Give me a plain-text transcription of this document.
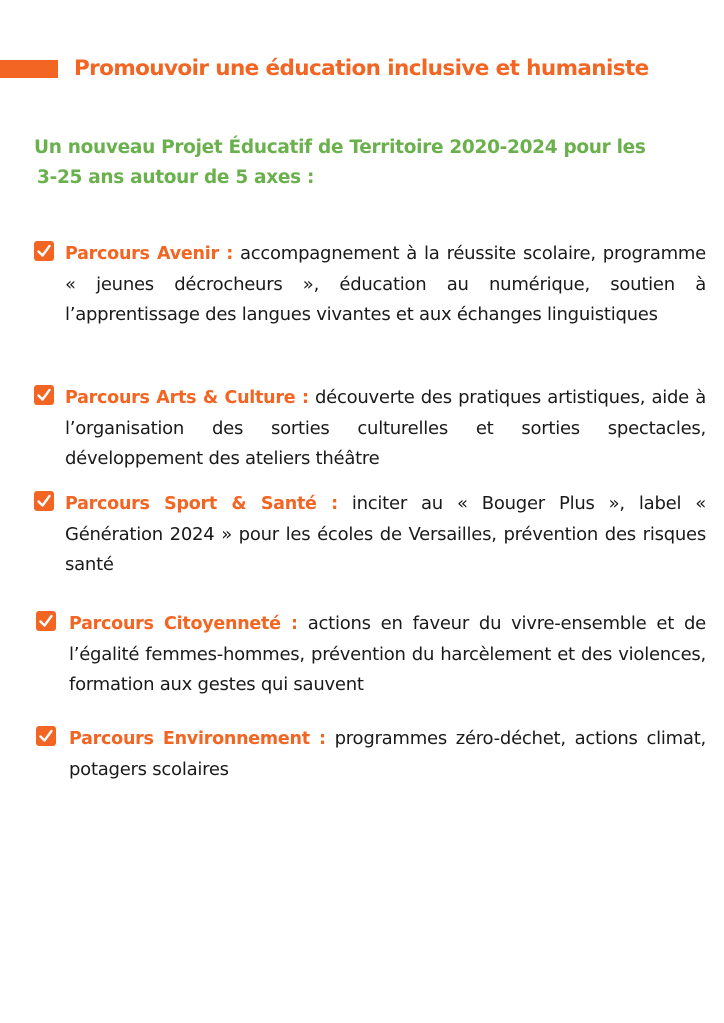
Promouvoir une éducation inclusive et humaniste

Un nouveau Projet Éducatif de Territoire 2020-2024 pour les
3-25 ans autour de 5 axes :

Parcours Avenir : accompagnement à la réussite scolaire, programme « jeunes décrocheurs », éducation au numérique, soutien à l’apprentissage des langues vivantes et aux échanges linguistiques

Parcours Arts & Culture : découverte des pratiques artistiques, aide à l’organisation des sorties culturelles et sorties spectacles, développement des ateliers théâtre

Parcours Sport & Santé : inciter au « Bouger Plus », label « Génération 2024 » pour les écoles de Versailles, prévention des risques santé

Parcours Citoyenneté : actions en faveur du vivre-ensemble et de l’égalité femmes-hommes, prévention du harcèlement et des violences, formation aux gestes qui sauvent

Parcours Environnement : programmes zéro-déchet, actions climat, potagers scolaires
